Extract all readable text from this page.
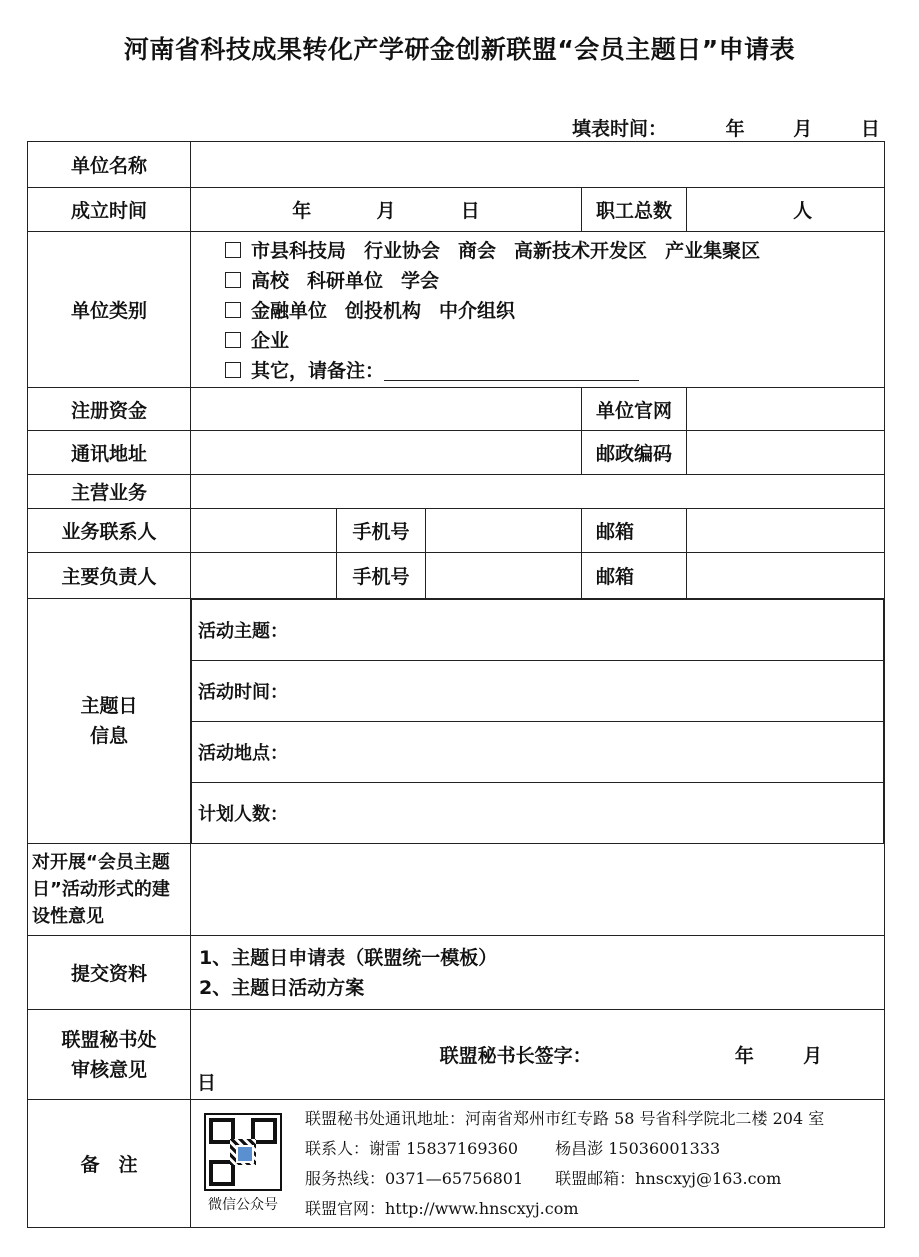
河南省科技成果转化产学研金创新联盟“会员主题日”申请表
填表时间：	年	月	日
单位名称	
成立时间	年	月	日	职工总数	人
单位类别	
市县科技局 行业协会 商会 高新技术开发区 产业集聚区
高校 科研单位 学会
金融单位 创投机构 中介组织
企业
其它，请备注：

注册资金		单位官网	
通讯地址		邮政编码	
主营业务	
业务联系人		手机号		邮箱	
主要负责人		手机号		邮箱	

主题日
信息

活动主题：
活动时间：
活动地点：
计划人数：

对开展“会员主题日”活动形式的建设性意见	
提交资料	
1、主题日申请表（联盟统一模板）
2、主题日活动方案

联盟秘书处
审核意见
	联盟秘书长签字：	年	月  日
备　注	
微信公众号
联盟秘书处通讯地址：河南省郑州市红专路 58 号省科学院北二楼 204 室
联系人：谢雷 15837169360　　 杨昌澎 15036001333
服务热线：0371—65756801　　联盟邮箱：hnscxyj@163.com
联盟官网：http://www.hnscxyj.com
